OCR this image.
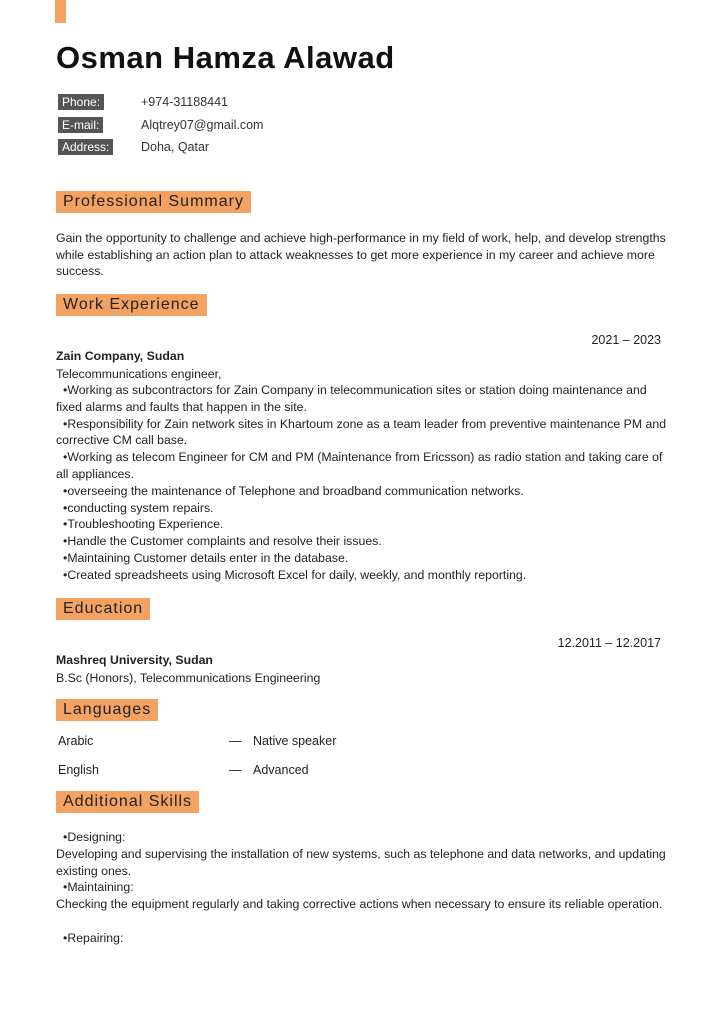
Osman Hamza Alawad
Phone:	+974-31188441
E-mail:	Alqtrey07@gmail.com
Address:	Doha, Qatar
Professional Summary
Gain the opportunity to challenge and achieve high-performance in my field of work, help, and develop strengths while establishing an action plan to attack weaknesses to get more experience in my career and achieve more success.
Work Experience
2021 – 2023
Zain Company, Sudan
Telecommunications engineer,
• Working as subcontractors for Zain Company in telecommunication sites or station doing maintenance and fixed alarms and faults that happen in the site.
• Responsibility for Zain network sites in Khartoum zone as a team leader from preventive maintenance PM and corrective CM call base.
• Working as telecom Engineer for CM and PM (Maintenance from Ericsson) as radio station and taking care of all appliances.
• overseeing the maintenance of Telephone and broadband communication networks.
• conducting system repairs.
• Troubleshooting Experience.
• Handle the Customer complaints and resolve their issues.
• Maintaining Customer details enter in the database.
• Created spreadsheets using Microsoft Excel for daily, weekly, and monthly reporting.
Education
12.2011 – 12.2017
Mashreq University, Sudan
B.Sc (Honors), Telecommunications Engineering
Languages
Arabic	— Native speaker
English	— Advanced
Additional Skills
• Designing:
Developing and supervising the installation of new systems, such as telephone and data networks, and updating existing ones.
• Maintaining:
Checking the equipment regularly and taking corrective actions when necessary to ensure its reliable operation.
• Repairing:
